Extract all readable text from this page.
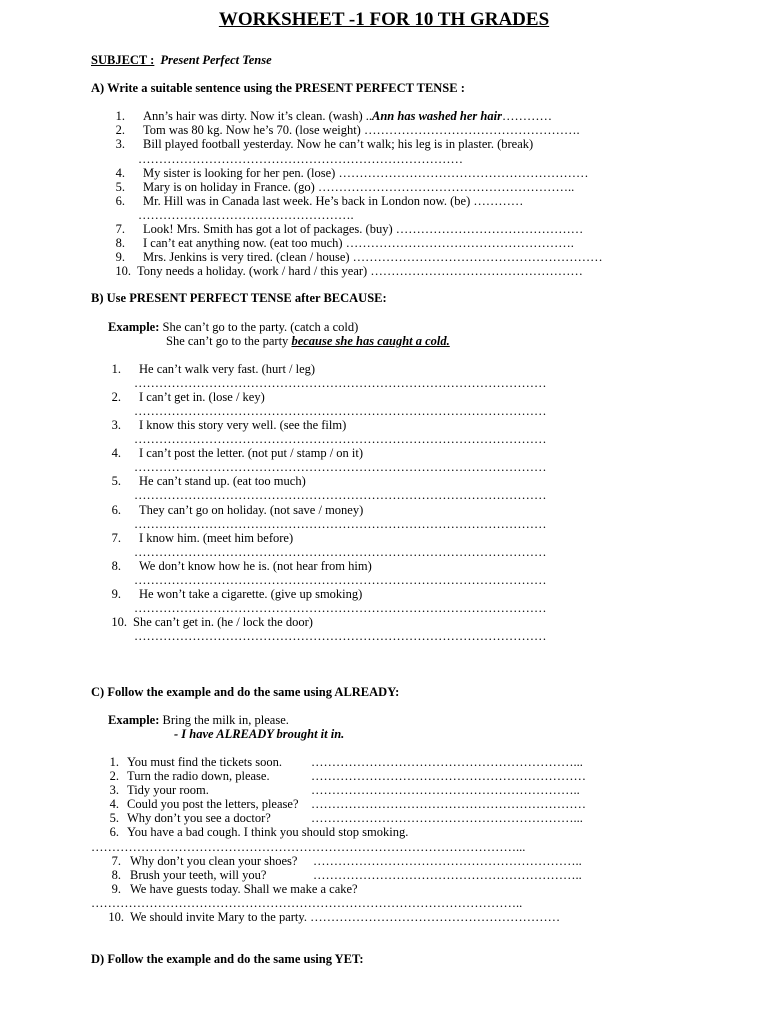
WORKSHEET -1 FOR 10 TH GRADES
SUBJECT : Present Perfect Tense
A) Write a suitable sentence using the PRESENT PERFECT TENSE :
1. Ann’s hair was dirty. Now it’s clean. (wash) ..Ann has washed her hair…………
2. Tom was 80 kg. Now he’s 70. (lose weight) …………………………………………….
3. Bill played football yesterday. Now he can’t walk; his leg is in plaster. (break)
……………………………………………………………………
4. My sister is looking for her pen. (lose) ……………………………………………………
5. Mary is on holiday in France. (go) ……………………………………………………..
6. Mr. Hill was in Canada last week. He’s back in London now. (be) …………
…………………………………………….
7. Look! Mrs. Smith has got a lot of packages. (buy) ………………………………………
8. I can’t eat anything now. (eat too much) ……………………………………………….
9. Mrs. Jenkins is very tired. (clean / house) ……………………………………………………
10. Tony needs a holiday. (work / hard / this year) ……………………………………………
B) Use PRESENT PERFECT TENSE after BECAUSE:
Example: She can’t go to the party. (catch a cold)
She can’t go to the party because she has caught a cold.
1. He can’t walk very fast. (hurt / leg)
………………………………………………………………………………………
2. I can’t get in. (lose / key)
………………………………………………………………………………………
3. I know this story very well. (see the film)
………………………………………………………………………………………
4. I can’t post the letter. (not put / stamp / on it)
………………………………………………………………………………………
5. He can’t stand up. (eat too much)
………………………………………………………………………………………
6. They can’t go on holiday. (not save / money)
………………………………………………………………………………………
7. I know him. (meet him before)
………………………………………………………………………………………
8. We don’t know how he is. (not hear from him)
………………………………………………………………………………………
9. He won’t take a cigarette. (give up smoking)
………………………………………………………………………………………
10. She can’t get in. (he / lock the door)
………………………………………………………………………………………
C) Follow the example and do the same using ALREADY:
Example: Bring the milk in, please.
- I have ALREADY brought it in.
1. You must find the tickets soon. ………………………………………………………...
2. Turn the radio down, please.	…………………………………………………………
3. Tidy your room.	………………………………………………………..
4. Could you post the letters, please? …………………………………………………………
5. Why don’t you see a doctor?	………………………………………………………...
6. You have a bad cough. I think you should stop smoking.
…………………………………………………………………………………………...
7. Why don’t you clean your shoes? ………………………………………………………..
8. Brush your teeth, will you?	………………………………………………………..
9. We have guests today. Shall we make a cake?
…………………………………………………………………………………………..
10. We should invite Mary to the party. ……………………………………………………
D) Follow the example and do the same using YET:
